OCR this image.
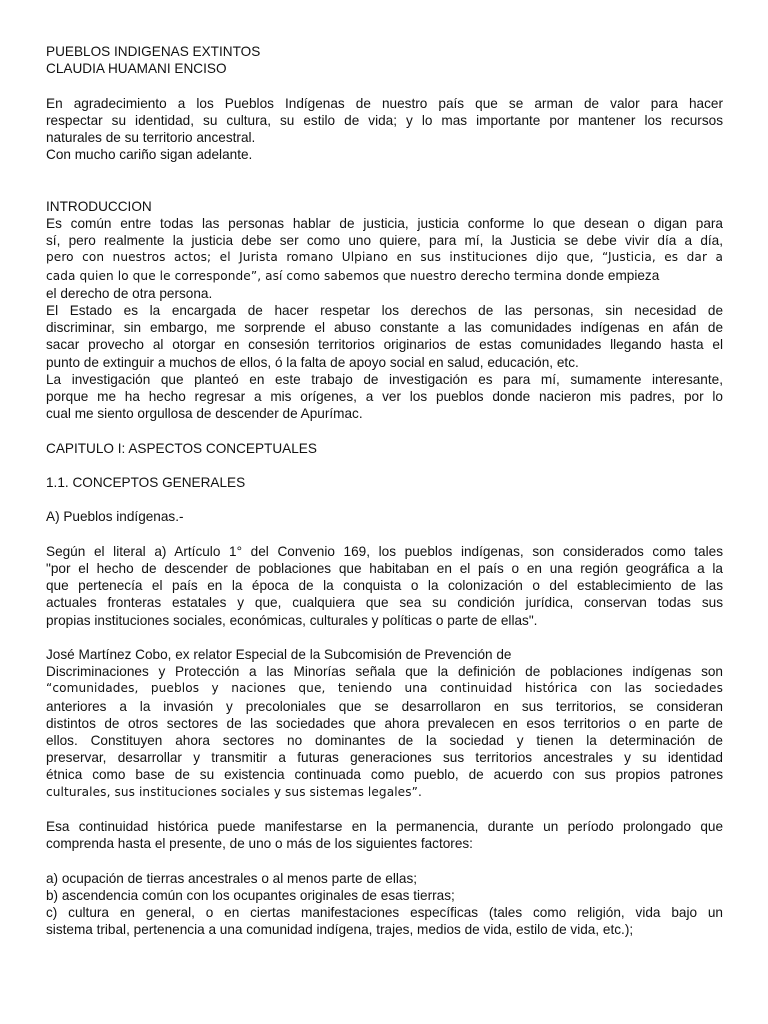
PUEBLOS INDIGENAS EXTINTOS

CLAUDIA HUAMANI ENCISO

En agradecimiento a los Pueblos Indígenas de nuestro país que se arman de valor para hacer

respectar su identidad, su cultura, su estilo de vida; y lo mas importante por mantener los recursos

naturales de su territorio ancestral.

Con mucho cariño sigan adelante.

INTRODUCCION

Es común entre todas las personas hablar de justicia, justicia conforme lo que desean o digan para

sí, pero realmente la justicia debe ser como uno quiere, para mí, la Justicia se debe vivir día a día,

pero con nuestros actos; el Jurista romano Ulpiano en sus instituciones dijo que, “Justicia, es dar a

cada quien lo que le corresponde”, así como sabemos que nuestro derecho termina donde empieza

el derecho de otra persona.

El Estado es la encargada de hacer respetar los derechos de las personas, sin necesidad de

discriminar, sin embargo, me sorprende el abuso constante a las comunidades indígenas en afán de

sacar provecho al otorgar en consesión territorios originarios de estas comunidades llegando hasta el

punto de extinguir a muchos de ellos, ó la falta de apoyo social en salud, educación, etc.

La investigación que planteó en este trabajo de investigación es para mí, sumamente interesante,

porque me ha hecho regresar a mis orígenes, a ver los pueblos donde nacieron mis padres, por lo

cual me siento orgullosa de descender de Apurímac.

CAPITULO I: ASPECTOS CONCEPTUALES

1.1. CONCEPTOS GENERALES

A) Pueblos indígenas.-

Según el literal a) Artículo 1° del Convenio 169, los pueblos indígenas, son considerados como tales

"por el hecho de descender de poblaciones que habitaban en el país o en una región geográfica a la

que pertenecía el país en la época de la conquista o la colonización o del establecimiento de las

actuales fronteras estatales y que, cualquiera que sea su condición jurídica, conservan todas sus

propias instituciones sociales, económicas, culturales y políticas o parte de ellas".

José Martínez Cobo, ex relator Especial de la Subcomisión de Prevención de

Discriminaciones y Protección a las Minorías señala que la definición de poblaciones indígenas son

“comunidades, pueblos y naciones que, teniendo una continuidad histórica con las sociedades

anteriores a la invasión y precoloniales que se desarrollaron en sus territorios, se consideran

distintos de otros sectores de las sociedades que ahora prevalecen en esos territorios o en parte de

ellos. Constituyen ahora sectores no dominantes de la sociedad y tienen la determinación de

preservar, desarrollar y transmitir a futuras generaciones sus territorios ancestrales y su identidad

étnica como base de su existencia continuada como pueblo, de acuerdo con sus propios patrones

culturales, sus instituciones sociales y sus sistemas legales”.

Esa continuidad histórica puede manifestarse en la permanencia, durante un período prolongado que

comprenda hasta el presente, de uno o más de los siguientes factores:

a) ocupación de tierras ancestrales o al menos parte de ellas;

b) ascendencia común con los ocupantes originales de esas tierras;

c) cultura en general, o en ciertas manifestaciones específicas (tales como religión, vida bajo un

sistema tribal, pertenencia a una comunidad indígena, trajes, medios de vida, estilo de vida, etc.);
